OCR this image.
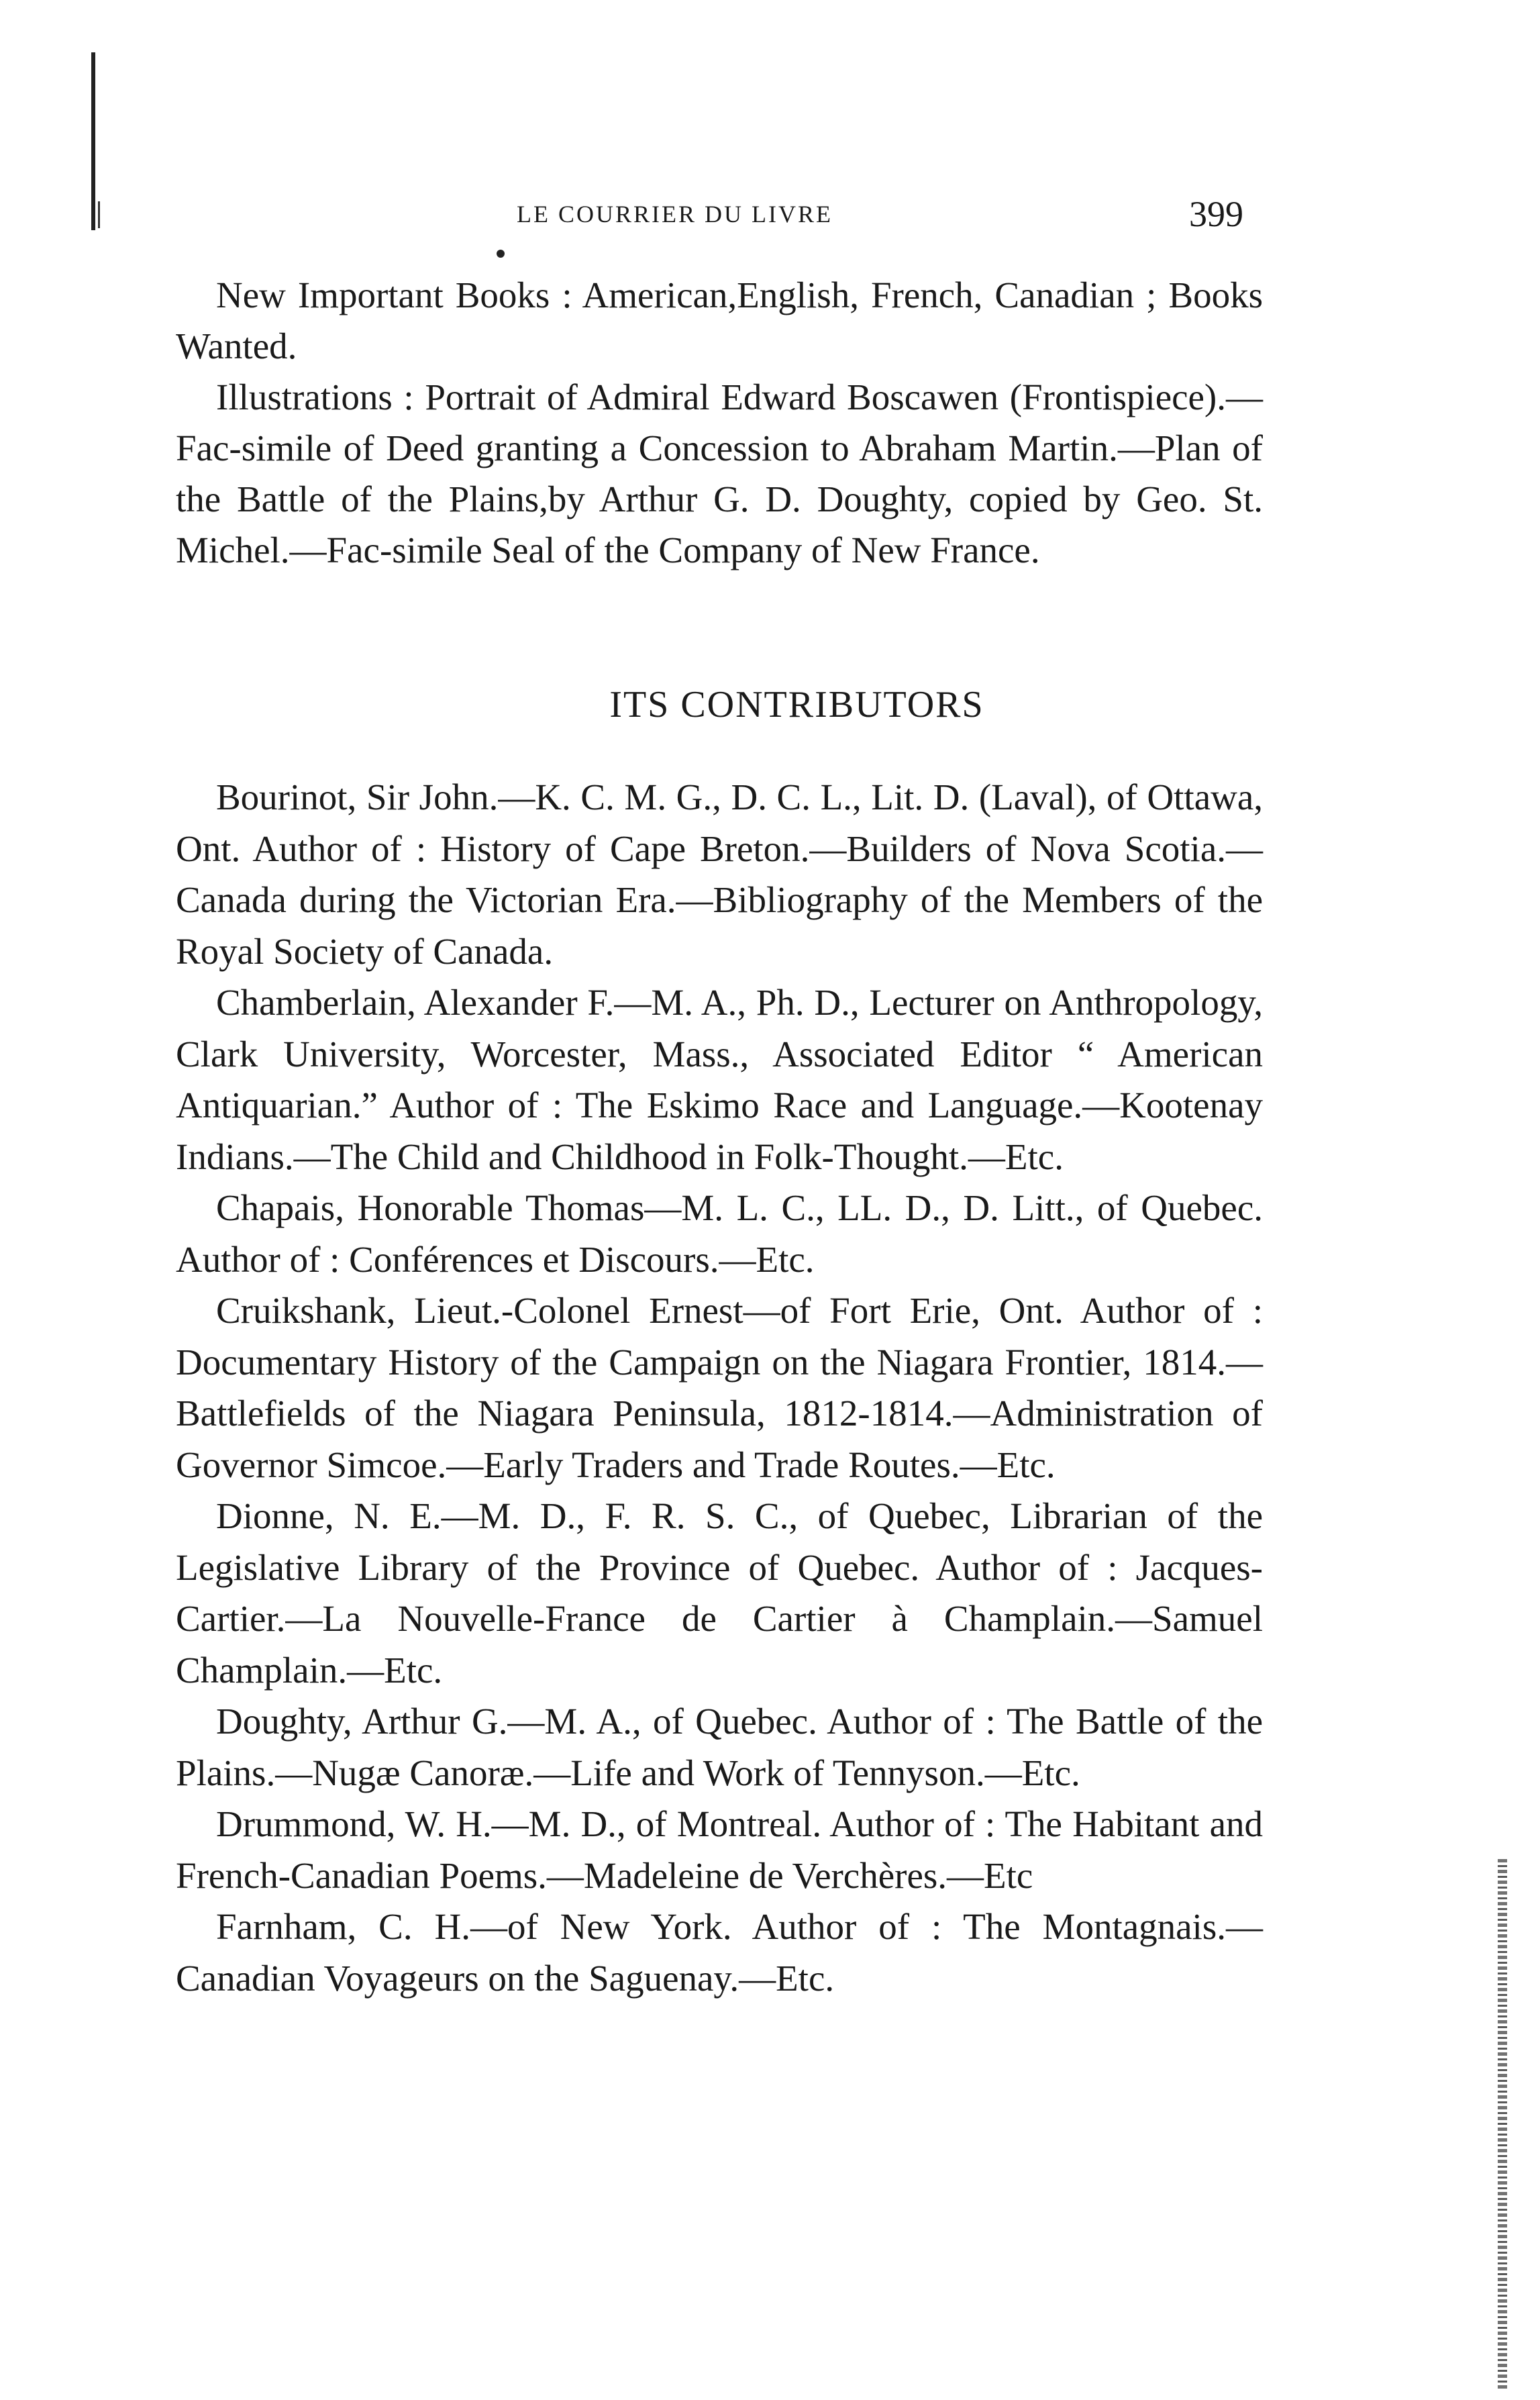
LE COURRIER DU LIVRE	399

New Important Books : American,English, French, Canadian ; Books Wanted.

Illustrations : Portrait of Admiral Edward Boscawen (Frontispiece).—Fac-simile of Deed granting a Concession to Abraham Martin.—Plan of the Battle of the Plains,by Arthur G. D. Doughty, copied by Geo. St. Michel.—Fac-simile Seal of the Company of New France.

ITS CONTRIBUTORS
Bourinot, Sir John.—K. C. M. G., D. C. L., Lit. D. (Laval), of Ottawa, Ont. Author of : History of Cape Breton.—Builders of Nova Scotia.—Canada during the Victorian Era.—Bibliography of the Members of the Royal Society of Canada.
Chamberlain, Alexander F.—M. A., Ph. D., Lecturer on Anthropology, Clark University, Worcester, Mass., Associated Editor “ American Antiquarian.” Author of : The Eskimo Race and Language.—Kootenay Indians.—The Child and Childhood in Folk-Thought.—Etc.
Chapais, Honorable Thomas—M. L. C., LL. D., D. Litt., of Quebec. Author of : Conférences et Discours.—Etc.
Cruikshank, Lieut.-Colonel Ernest—of Fort Erie, Ont. Author of : Documentary History of the Campaign on the Niagara Frontier, 1814.—Battlefields of the Niagara Peninsula, 1812-1814.—Administration of Governor Simcoe.—Early Traders and Trade Routes.—Etc.
Dionne, N. E.—M. D., F. R. S. C., of Quebec, Librarian of the Legislative Library of the Province of Quebec. Author of : Jacques-Cartier.—La Nouvelle-France de Cartier à Champlain.—Samuel Champlain.—Etc.
Doughty, Arthur G.—M. A., of Quebec. Author of : The Battle of the Plains.—Nugæ Canoræ.—Life and Work of Tennyson.—Etc.
Drummond, W. H.—M. D., of Montreal. Author of : The Habitant and French-Canadian Poems.—Madeleine de Verchères.—Etc
Farnham, C. H.—of New York. Author of : The Montagnais.—Canadian Voyageurs on the Saguenay.—Etc.
